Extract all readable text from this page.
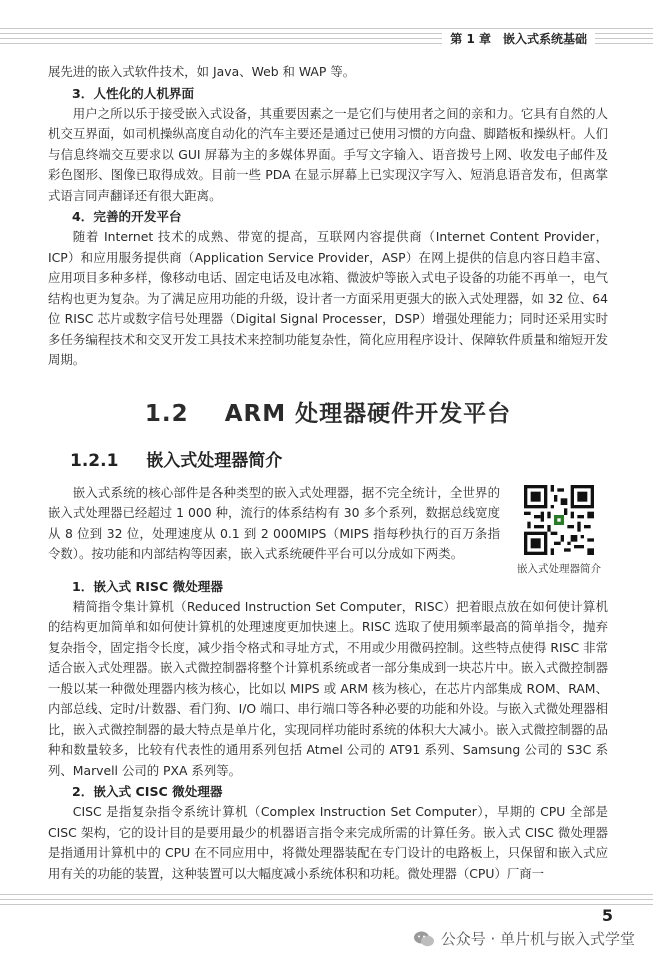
第 1 章　嵌入式系统基础

展先进的嵌入式软件技术，如 Java、Web 和 WAP 等。

3．人性化的人机界面

用户之所以乐于接受嵌入式设备，其重要因素之一是它们与使用者之间的亲和力。它具有自然的人机交互界面，如司机操纵高度自动化的汽车主要还是通过已使用习惯的方向盘、脚踏板和操纵杆。人们与信息终端交互要求以 GUI 屏幕为主的多媒体界面。手写文字输入、语音拨号上网、收发电子邮件及彩色图形、图像已取得成效。目前一些 PDA 在显示屏幕上已实现汉字写入、短消息语音发布，但离掌式语言同声翻译还有很大距离。

4．完善的开发平台

随着 Internet 技术的成熟、带宽的提高，互联网内容提供商（Internet Content Provider，ICP）和应用服务提供商（Application Service Provider，ASP）在网上提供的信息内容日趋丰富、应用项目多种多样，像移动电话、固定电话及电冰箱、微波炉等嵌入式电子设备的功能不再单一，电气结构也更为复杂。为了满足应用功能的升级，设计者一方面采用更强大的嵌入式处理器，如 32 位、64 位 RISC 芯片或数字信号处理器（Digital Signal Processer，DSP）增强处理能力；同时还采用实时多任务编程技术和交叉开发工具技术来控制功能复杂性，简化应用程序设计、保障软件质量和缩短开发周期。

1.2 ARM 处理器硬件开发平台
1.2.1 嵌入式处理器简介

嵌入式系统的核心部件是各种类型的嵌入式处理器，据不完全统计，全世界的嵌入式处理器已经超过 1 000 种，流行的体系结构有 30 多个系列，数据总线宽度从 8 位到 32 位，处理速度从 0.1 到 2 000MIPS（MIPS 指每秒执行的百万条指令数）。按功能和内部结构等因素，嵌入式系统硬件平台可以分成如下两类。

嵌入式处理器简介
1．嵌入式 RISC 微处理器

精简指令集计算机（Reduced Instruction Set Computer，RISC）把着眼点放在如何使计算机的结构更加简单和如何使计算机的处理速度更加快速上。RISC 选取了使用频率最高的简单指令，抛弃复杂指令，固定指令长度，减少指令格式和寻址方式，不用或少用微码控制。这些特点使得 RISC 非常适合嵌入式处理器。嵌入式微控制器将整个计算机系统或者一部分集成到一块芯片中。嵌入式微控制器一般以某一种微处理器内核为核心，比如以 MIPS 或 ARM 核为核心，在芯片内部集成 ROM、RAM、内部总线、定时/计数器、看门狗、I/O 端口、串行端口等各种必要的功能和外设。与嵌入式微处理器相比，嵌入式微控制器的最大特点是单片化，实现同样功能时系统的体积大大减小。嵌入式微控制器的品种和数量较多，比较有代表性的通用系列包括 Atmel 公司的 AT91 系列、Samsung 公司的 S3C 系列、Marvell 公司的 PXA 系列等。

2．嵌入式 CISC 微处理器

CISC 是指复杂指令系统计算机（Complex Instruction Set Computer），早期的 CPU 全部是 CISC 架构，它的设计目的是要用最少的机器语言指令来完成所需的计算任务。嵌入式 CISC 微处理器是指通用计算机中的 CPU 在不同应用中，将微处理器装配在专门设计的电路板上，只保留和嵌入式应用有关的功能的装置，这种装置可以大幅度减小系统体积和功耗。微处理器（CPU）厂商一

5
公众号 · 单片机与嵌入式学堂
